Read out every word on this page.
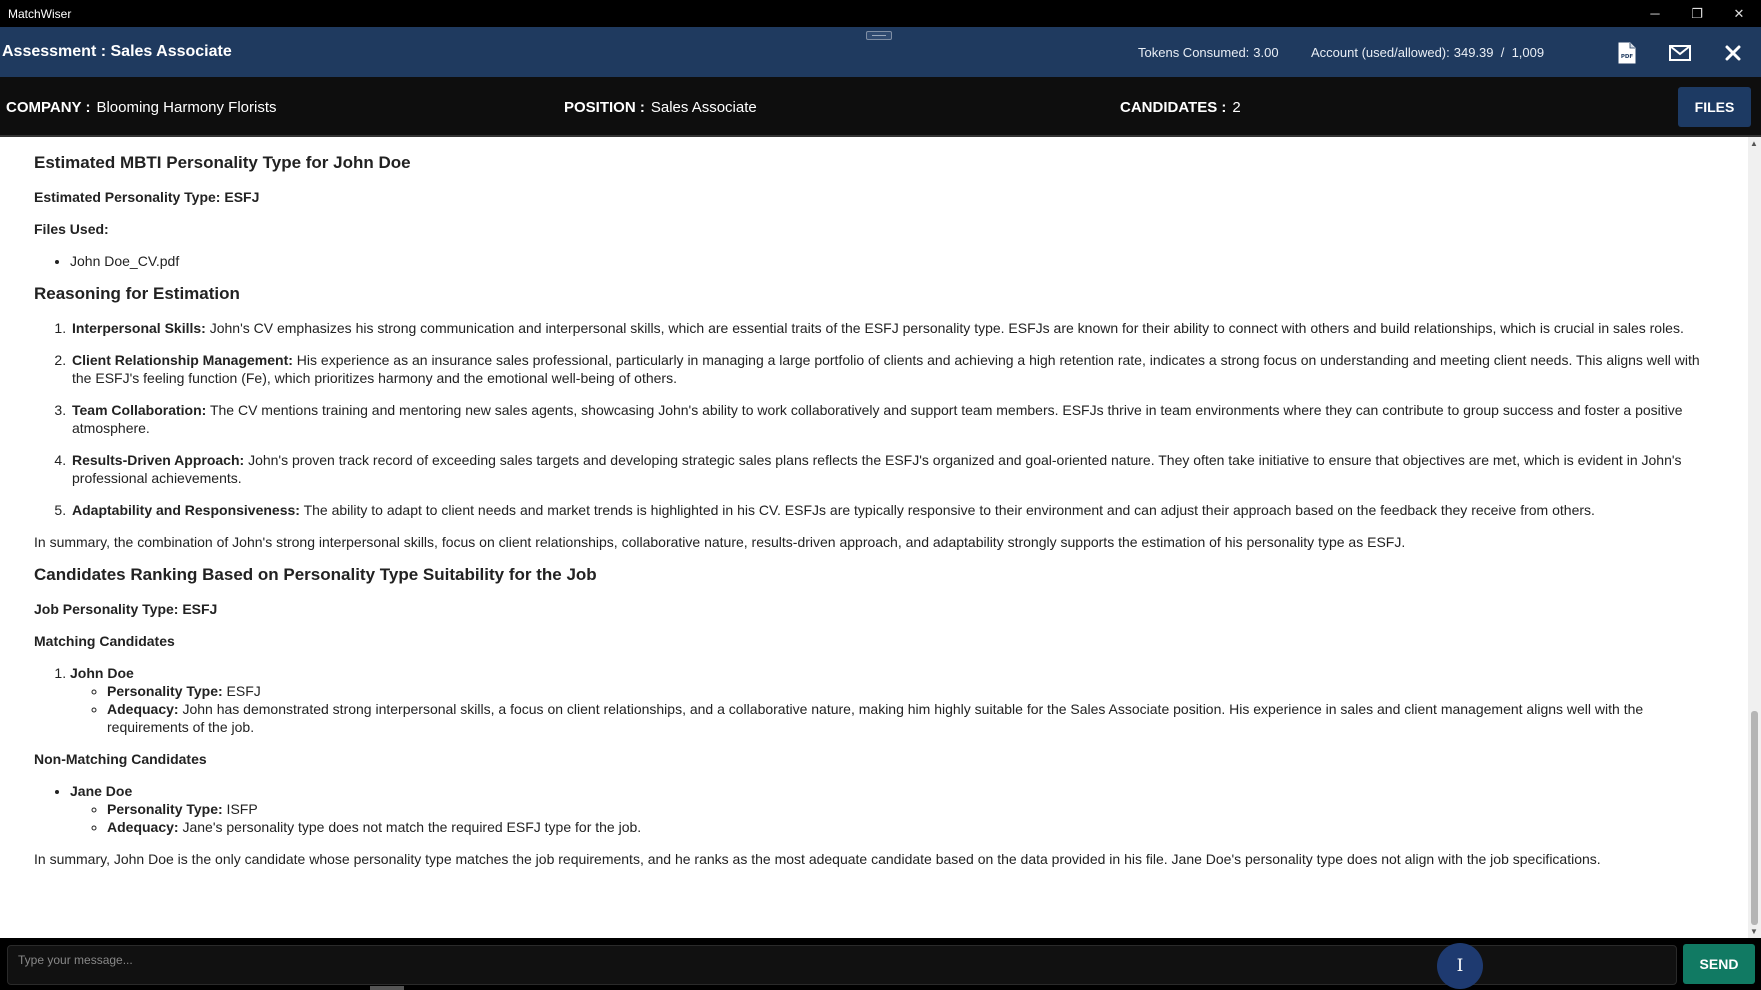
MatchWiser	─	❐	✕
Assessment : Sales Associate	Tokens Consumed: 3.00 Account (used/allowed): 349.39  /  1,009	PDF
COMPANY : Blooming Harmony Florists	POSITION : Sales Associate	CANDIDATES : 2	FILES
Estimated MBTI Personality Type for John Doe
Estimated Personality Type: ESFJ
Files Used:
• John Doe_CV.pdf
Reasoning for Estimation
1. Interpersonal Skills: John's CV emphasizes his strong communication and interpersonal skills, which are essential traits of the ESFJ personality type. ESFJs are known for their ability to connect with others and build relationships, which is crucial in sales roles.
2. Client Relationship Management: His experience as an insurance sales professional, particularly in managing a large portfolio of clients and achieving a high retention rate, indicates a strong focus on understanding and meeting client needs. This aligns well with the ESFJ's feeling function (Fe), which prioritizes harmony and the emotional well-being of others.
3. Team Collaboration: The CV mentions training and mentoring new sales agents, showcasing John's ability to work collaboratively and support team members. ESFJs thrive in team environments where they can contribute to group success and foster a positive atmosphere.
4. Results-Driven Approach: John's proven track record of exceeding sales targets and developing strategic sales plans reflects the ESFJ's organized and goal-oriented nature. They often take initiative to ensure that objectives are met, which is evident in John's professional achievements.
5. Adaptability and Responsiveness: The ability to adapt to client needs and market trends is highlighted in his CV. ESFJs are typically responsive to their environment and can adjust their approach based on the feedback they receive from others.
In summary, the combination of John's strong interpersonal skills, focus on client relationships, collaborative nature, results-driven approach, and adaptability strongly supports the estimation of his personality type as ESFJ.
Candidates Ranking Based on Personality Type Suitability for the Job
Job Personality Type: ESFJ
Matching Candidates
1. John Doe
◦ Personality Type: ESFJ
◦ Adequacy: John has demonstrated strong interpersonal skills, a focus on client relationships, and a collaborative nature, making him highly suitable for the Sales Associate position. His experience in sales and client management aligns well with the requirements of the job.
Non-Matching Candidates
• Jane Doe
◦ Personality Type: ISFP
◦ Adequacy: Jane's personality type does not match the required ESFJ type for the job.
In summary, John Doe is the only candidate whose personality type matches the job requirements, and he ranks as the most adequate candidate based on the data provided in his file. Jane Doe's personality type does not align with the job specifications.
▲
▼
Type your message...
I	SEND
